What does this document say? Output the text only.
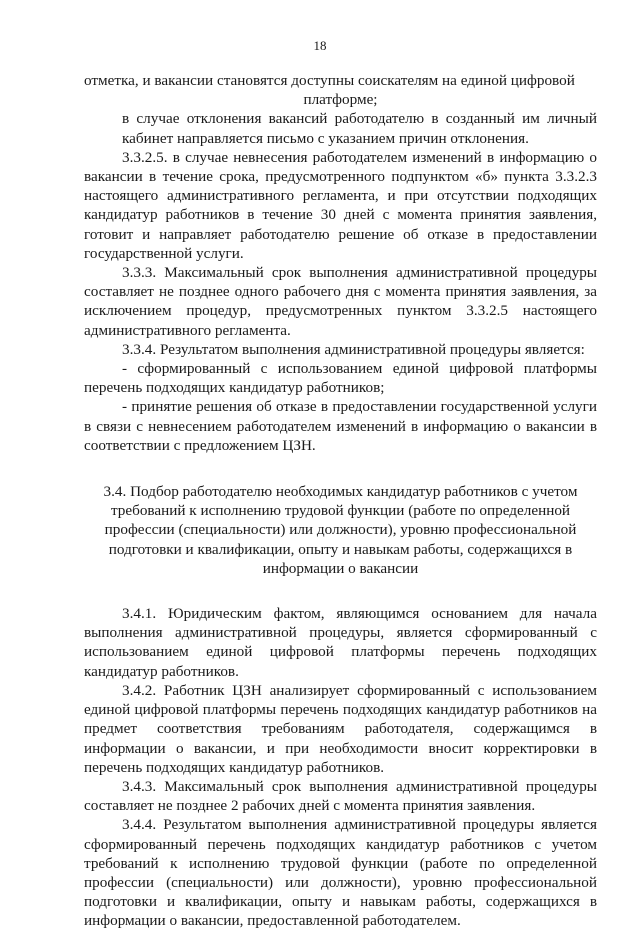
18

отметка, и вакансии становятся доступны соискателям на единой цифровой

платформе;

в случае отклонения вакансий работодателю в созданный им личный кабинет направляется письмо с указанием причин отклонения.

3.3.2.5. в случае невнесения работодателем изменений в информацию о вакансии в течение срока, предусмотренного подпунктом «б» пункта 3.3.2.3 настоящего административного регламента, и при отсутствии подходящих кандидатур работников в течение 30 дней с момента принятия заявления, готовит и направляет работодателю решение об отказе в предоставлении государственной услуги.

3.3.3. Максимальный срок выполнения административной процедуры составляет не позднее одного рабочего дня с момента принятия заявления, за исключением процедур, предусмотренных пунктом 3.3.2.5 настоящего административного регламента.

3.3.4. Результатом выполнения административной процедуры является:

- сформированный с использованием единой цифровой платформы перечень подходящих кандидатур работников;

- принятие решения об отказе в предоставлении государственной услуги в связи с невнесением работодателем изменений в информацию о вакансии в соответствии с предложением ЦЗН.

3.4. Подбор работодателю необходимых кандидатур работников с учетом
требований к исполнению трудовой функции (работе по определенной
профессии (специальности) или должности), уровню профессиональной
подготовки и квалификации, опыту и навыкам работы, содержащихся в
информации о вакансии

3.4.1. Юридическим фактом, являющимся основанием для начала выполнения административной процедуры, является сформированный с использованием единой цифровой платформы перечень подходящих кандидатур работников.

3.4.2. Работник ЦЗН анализирует сформированный с использованием единой цифровой платформы перечень подходящих кандидатур работников на предмет соответствия требованиям работодателя, содержащимся в информации о вакансии, и при необходимости вносит корректировки в перечень подходящих кандидатур работников.

3.4.3. Максимальный срок выполнения административной процедуры составляет не позднее 2 рабочих дней с момента принятия заявления.

3.4.4. Результатом выполнения административной процедуры является сформированный перечень подходящих кандидатур работников с учетом требований к исполнению трудовой функции (работе по определенной профессии (специальности) или должности), уровню профессиональной подготовки и квалификации, опыту и навыкам работы, содержащихся в информации о вакансии, предоставленной работодателем.
